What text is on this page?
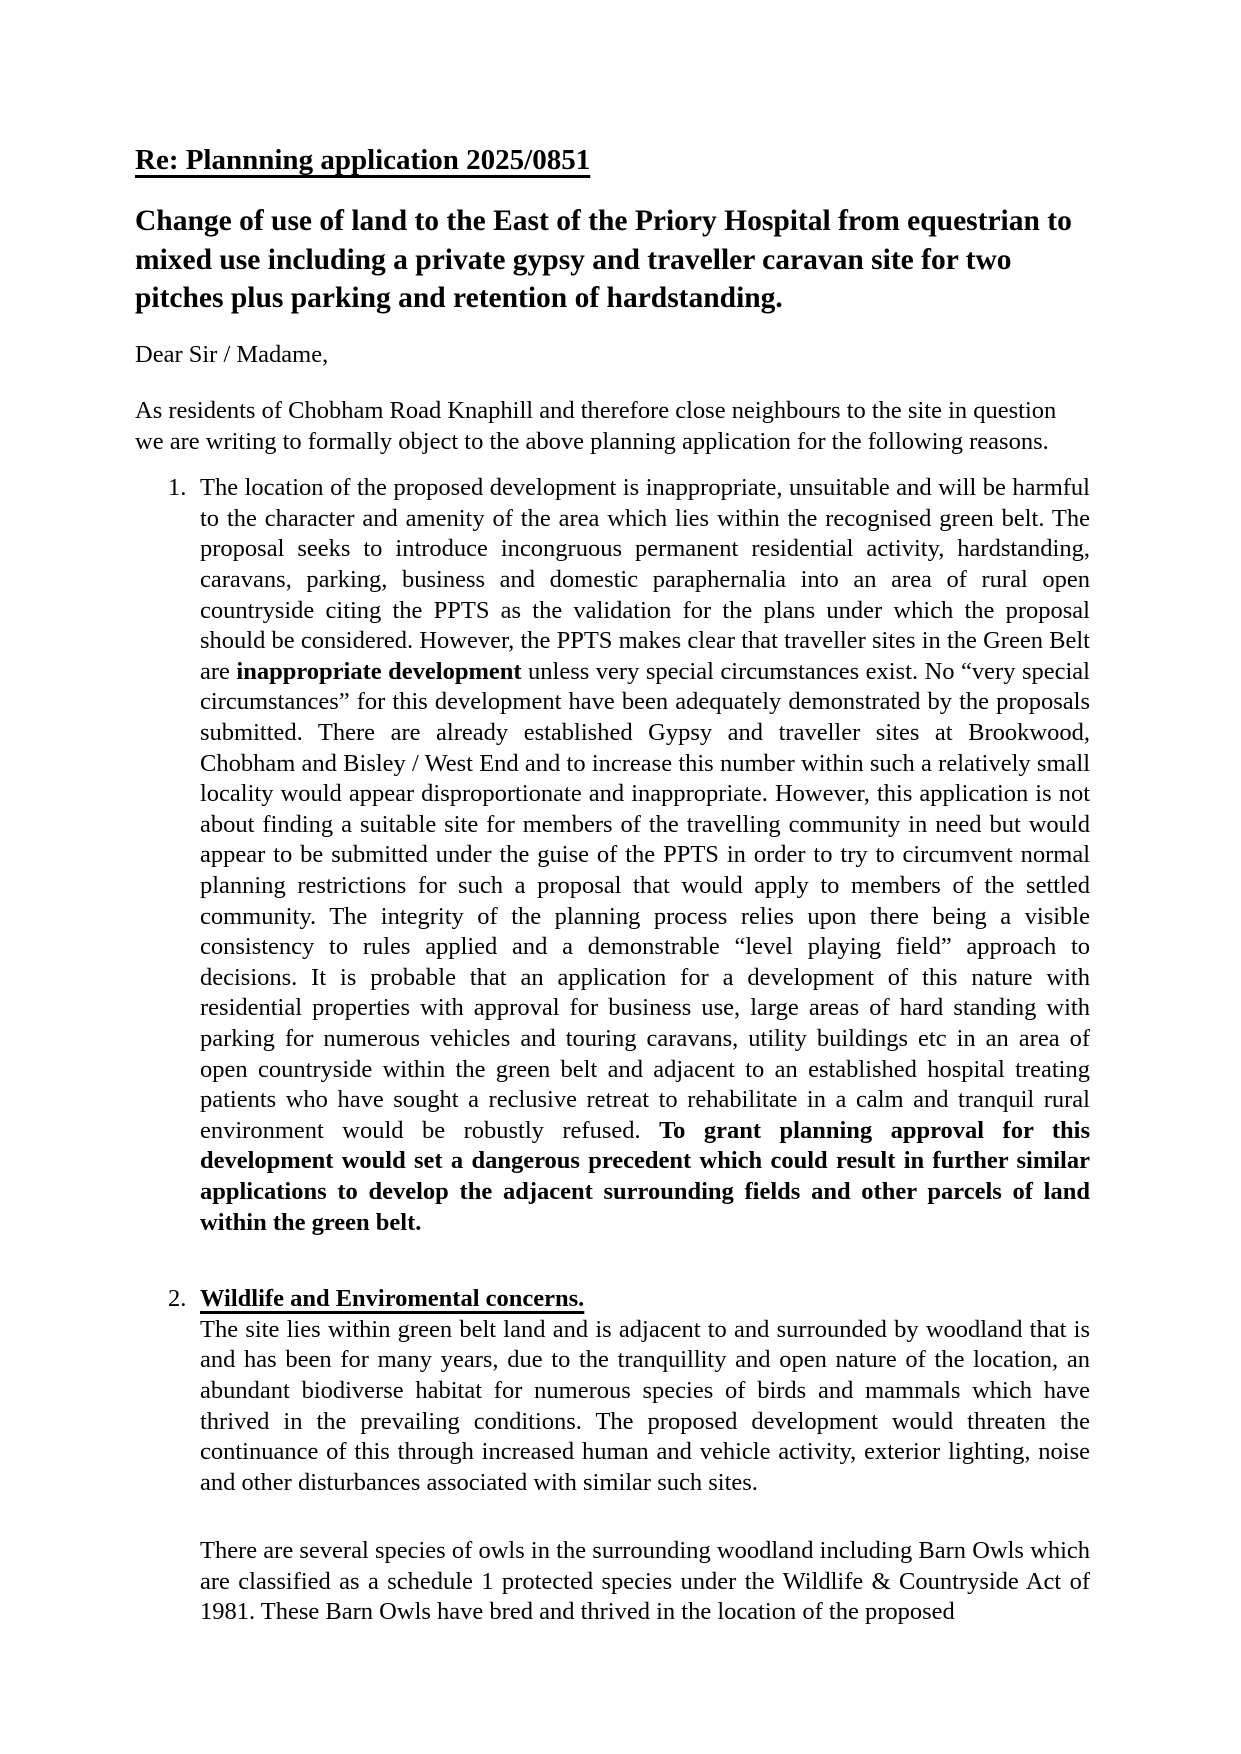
Re: Plannning application 2025/0851
Change of use of land to the East of the Priory Hospital from equestrian to mixed use including a private gypsy and traveller caravan site for two pitches plus parking and retention of hardstanding.

Dear Sir / Madame,

As residents of Chobham Road Knaphill and therefore close neighbours to the site in question we are writing to formally object to the above planning application for the following reasons.

1. The location of the proposed development is inappropriate, unsuitable and will be harmful to the character and amenity of the area which lies within the recognised green belt. The proposal seeks to introduce incongruous permanent residential activity, hardstanding, caravans, parking, business and domestic paraphernalia into an area of rural open countryside citing the PPTS as the validation for the plans under which the proposal should be considered. However, the PPTS makes clear that traveller sites in the Green Belt are inappropriate development unless very special circumstances exist. No “very special circumstances” for this development have been adequately demonstrated by the proposals submitted. There are already established Gypsy and traveller sites at Brookwood, Chobham and Bisley / West End and to increase this number within such a relatively small locality would appear disproportionate and inappropriate. However, this application is not about finding a suitable site for members of the travelling community in need but would appear to be submitted under the guise of the PPTS in order to try to circumvent normal planning restrictions for such a proposal that would apply to members of the settled community. The integrity of the planning process relies upon there being a visible consistency to rules applied and a demonstrable “level playing field” approach to decisions. It is probable that an application for a development of this nature with residential properties with approval for business use, large areas of hard standing with parking for numerous vehicles and touring caravans, utility buildings etc in an area of open countryside within the green belt and adjacent to an established hospital treating patients who have sought a reclusive retreat to rehabilitate in a calm and tranquil rural environment would be robustly refused. To grant planning approval for this development would set a dangerous precedent which could result in further similar applications to develop the adjacent surrounding fields and other parcels of land within the green belt.

2. Wildlife and Enviromental concerns.

The site lies within green belt land and is adjacent to and surrounded by woodland that is and has been for many years, due to the tranquillity and open nature of the location, an abundant biodiverse habitat for numerous species of birds and mammals which have thrived in the prevailing conditions. The proposed development would threaten the continuance of this through increased human and vehicle activity, exterior lighting, noise and other disturbances associated with similar such sites.

There are several species of owls in the surrounding woodland including Barn Owls which are classified as a schedule 1 protected species under the Wildlife & Countryside Act of 1981. These Barn Owls have bred and thrived in the location of the proposed
